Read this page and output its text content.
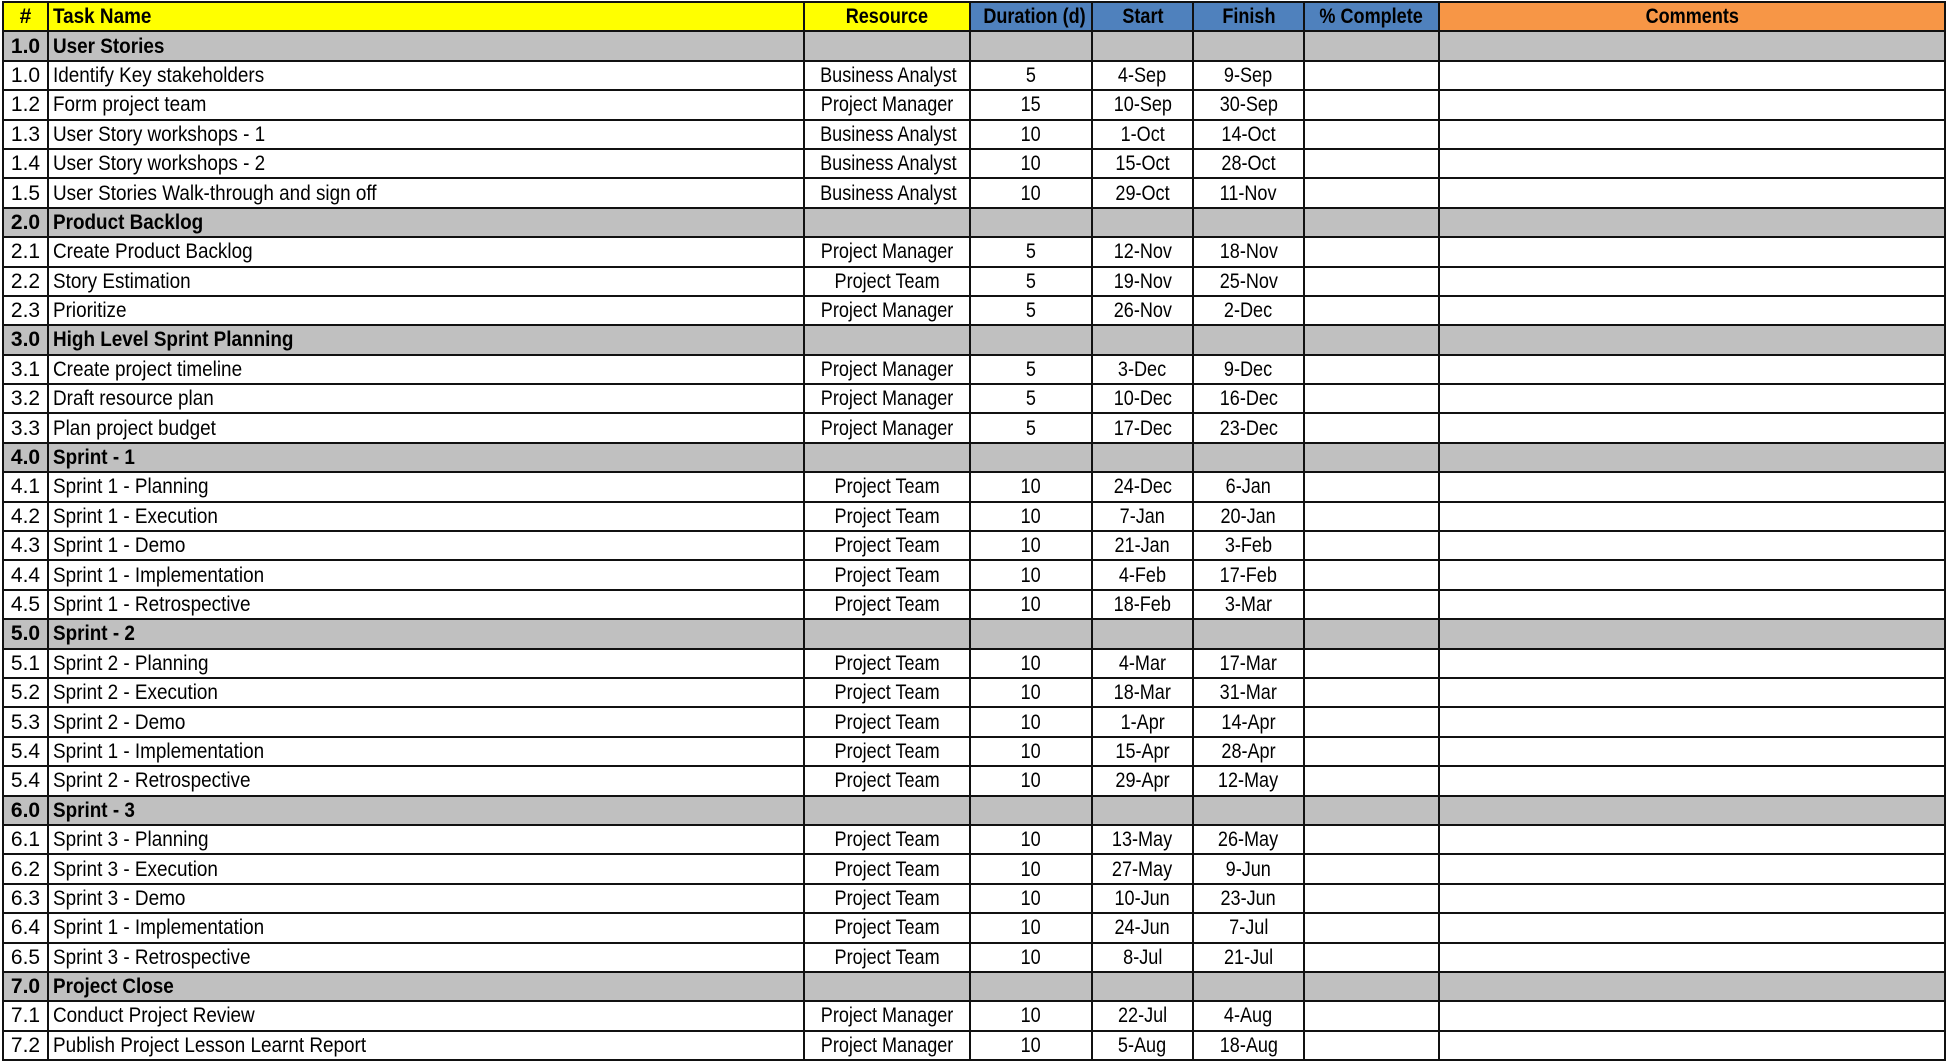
#	Task Name	Resource	Duration (d)	Start	Finish	% Complete	Comments
1.0	User Stories						
1.0	Identify Key stakeholders	Business Analyst	5	4-Sep	9-Sep		
1.2	Form project team	Project Manager	15	10-Sep	30-Sep		
1.3	User Story workshops - 1	Business Analyst	10	1-Oct	14-Oct		
1.4	User Story workshops - 2	Business Analyst	10	15-Oct	28-Oct		
1.5	User Stories Walk-through and sign off	Business Analyst	10	29-Oct	11-Nov		
2.0	Product Backlog						
2.1	Create Product Backlog	Project Manager	5	12-Nov	18-Nov		
2.2	Story Estimation	Project Team	5	19-Nov	25-Nov		
2.3	Prioritize	Project Manager	5	26-Nov	2-Dec		
3.0	High Level Sprint Planning						
3.1	Create project timeline	Project Manager	5	3-Dec	9-Dec		
3.2	Draft resource plan	Project Manager	5	10-Dec	16-Dec		
3.3	Plan project budget	Project Manager	5	17-Dec	23-Dec		
4.0	Sprint - 1						
4.1	Sprint 1 - Planning	Project Team	10	24-Dec	6-Jan		
4.2	Sprint 1 - Execution	Project Team	10	7-Jan	20-Jan		
4.3	Sprint 1 - Demo	Project Team	10	21-Jan	3-Feb		
4.4	Sprint 1 - Implementation	Project Team	10	4-Feb	17-Feb		
4.5	Sprint 1 - Retrospective	Project Team	10	18-Feb	3-Mar		
5.0	Sprint - 2						
5.1	Sprint 2 - Planning	Project Team	10	4-Mar	17-Mar		
5.2	Sprint 2 - Execution	Project Team	10	18-Mar	31-Mar		
5.3	Sprint 2 - Demo	Project Team	10	1-Apr	14-Apr		
5.4	Sprint 1 - Implementation	Project Team	10	15-Apr	28-Apr		
5.4	Sprint 2 - Retrospective	Project Team	10	29-Apr	12-May		
6.0	Sprint - 3						
6.1	Sprint 3 - Planning	Project Team	10	13-May	26-May		
6.2	Sprint 3 - Execution	Project Team	10	27-May	9-Jun		
6.3	Sprint 3 - Demo	Project Team	10	10-Jun	23-Jun		
6.4	Sprint 1 - Implementation	Project Team	10	24-Jun	7-Jul		
6.5	Sprint 3 - Retrospective	Project Team	10	8-Jul	21-Jul		
7.0	Project Close						
7.1	Conduct Project Review	Project Manager	10	22-Jul	4-Aug		
7.2	Publish Project Lesson Learnt Report	Project Manager	10	5-Aug	18-Aug		
